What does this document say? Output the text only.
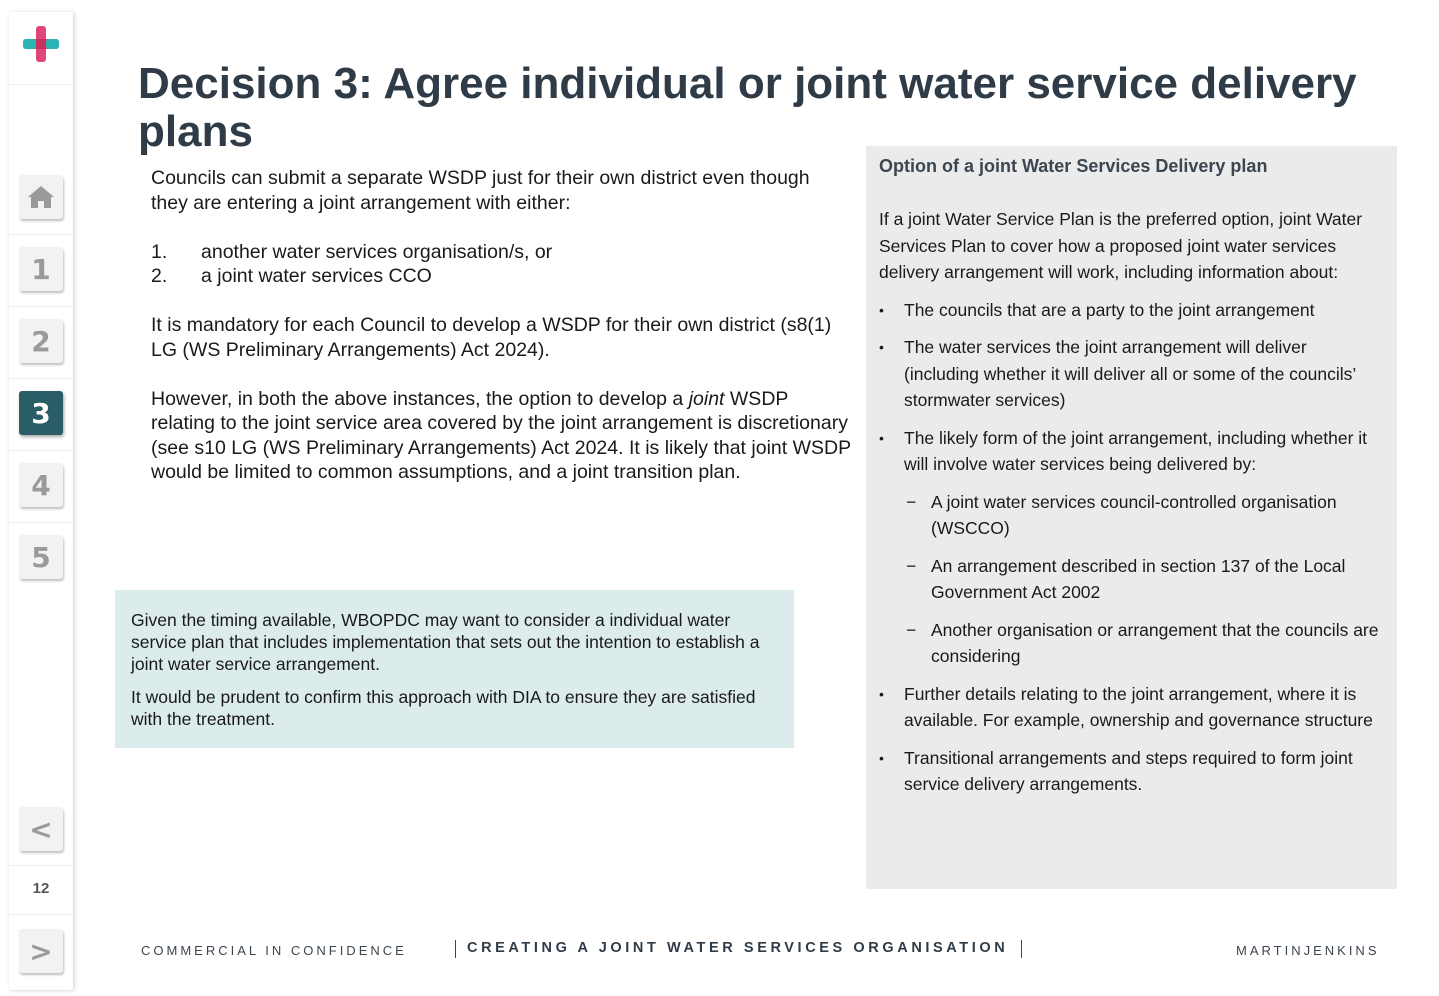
1
2
3
4
5
<
12
>
Decision 3: Agree individual or joint water service delivery plans

Councils can submit a separate WSDP just for their own district even though they are entering a joint arrangement with either:

1.	another water services organisation/s, or
2.	a joint water services CCO

It is mandatory for each Council to develop a WSDP for their own district (s8(1) LG (WS Preliminary Arrangements) Act 2024).

However, in both the above instances, the option to develop a joint WSDP relating to the joint service area covered by the joint arrangement is discretionary (see s10 LG (WS Preliminary Arrangements) Act 2024. It is likely that joint WSDP would be limited to common assumptions, and a joint transition plan.

Given the timing available, WBOPDC may want to consider a individual water service plan that includes implementation that sets out the intention to establish a joint water service arrangement.

It would be prudent to confirm this approach with DIA to ensure they are satisfied with the treatment.

Option of a joint Water Services Delivery plan
If a joint Water Service Plan is the preferred option, joint Water Services Plan to cover how a proposed joint water services delivery arrangement will work, including information about:
•	The councils that are a party to the joint arrangement
•	The water services the joint arrangement will deliver (including whether it will deliver all or some of the councils’ stormwater services)
•	The likely form of the joint arrangement, including whether it will involve water services being delivered by:
− A joint water services council-controlled organisation (WSCCO)
− An arrangement described in section 137 of the Local Government Act 2002
− Another organisation or arrangement that the councils are considering
•	Further details relating to the joint arrangement, where it is available. For example, ownership and governance structure
•	Transitional arrangements and steps required to form joint service delivery arrangements.
COMMERCIAL IN CONFIDENCE	CREATING A JOINT WATER SERVICES ORGANISATION	MARTINJENKINS
